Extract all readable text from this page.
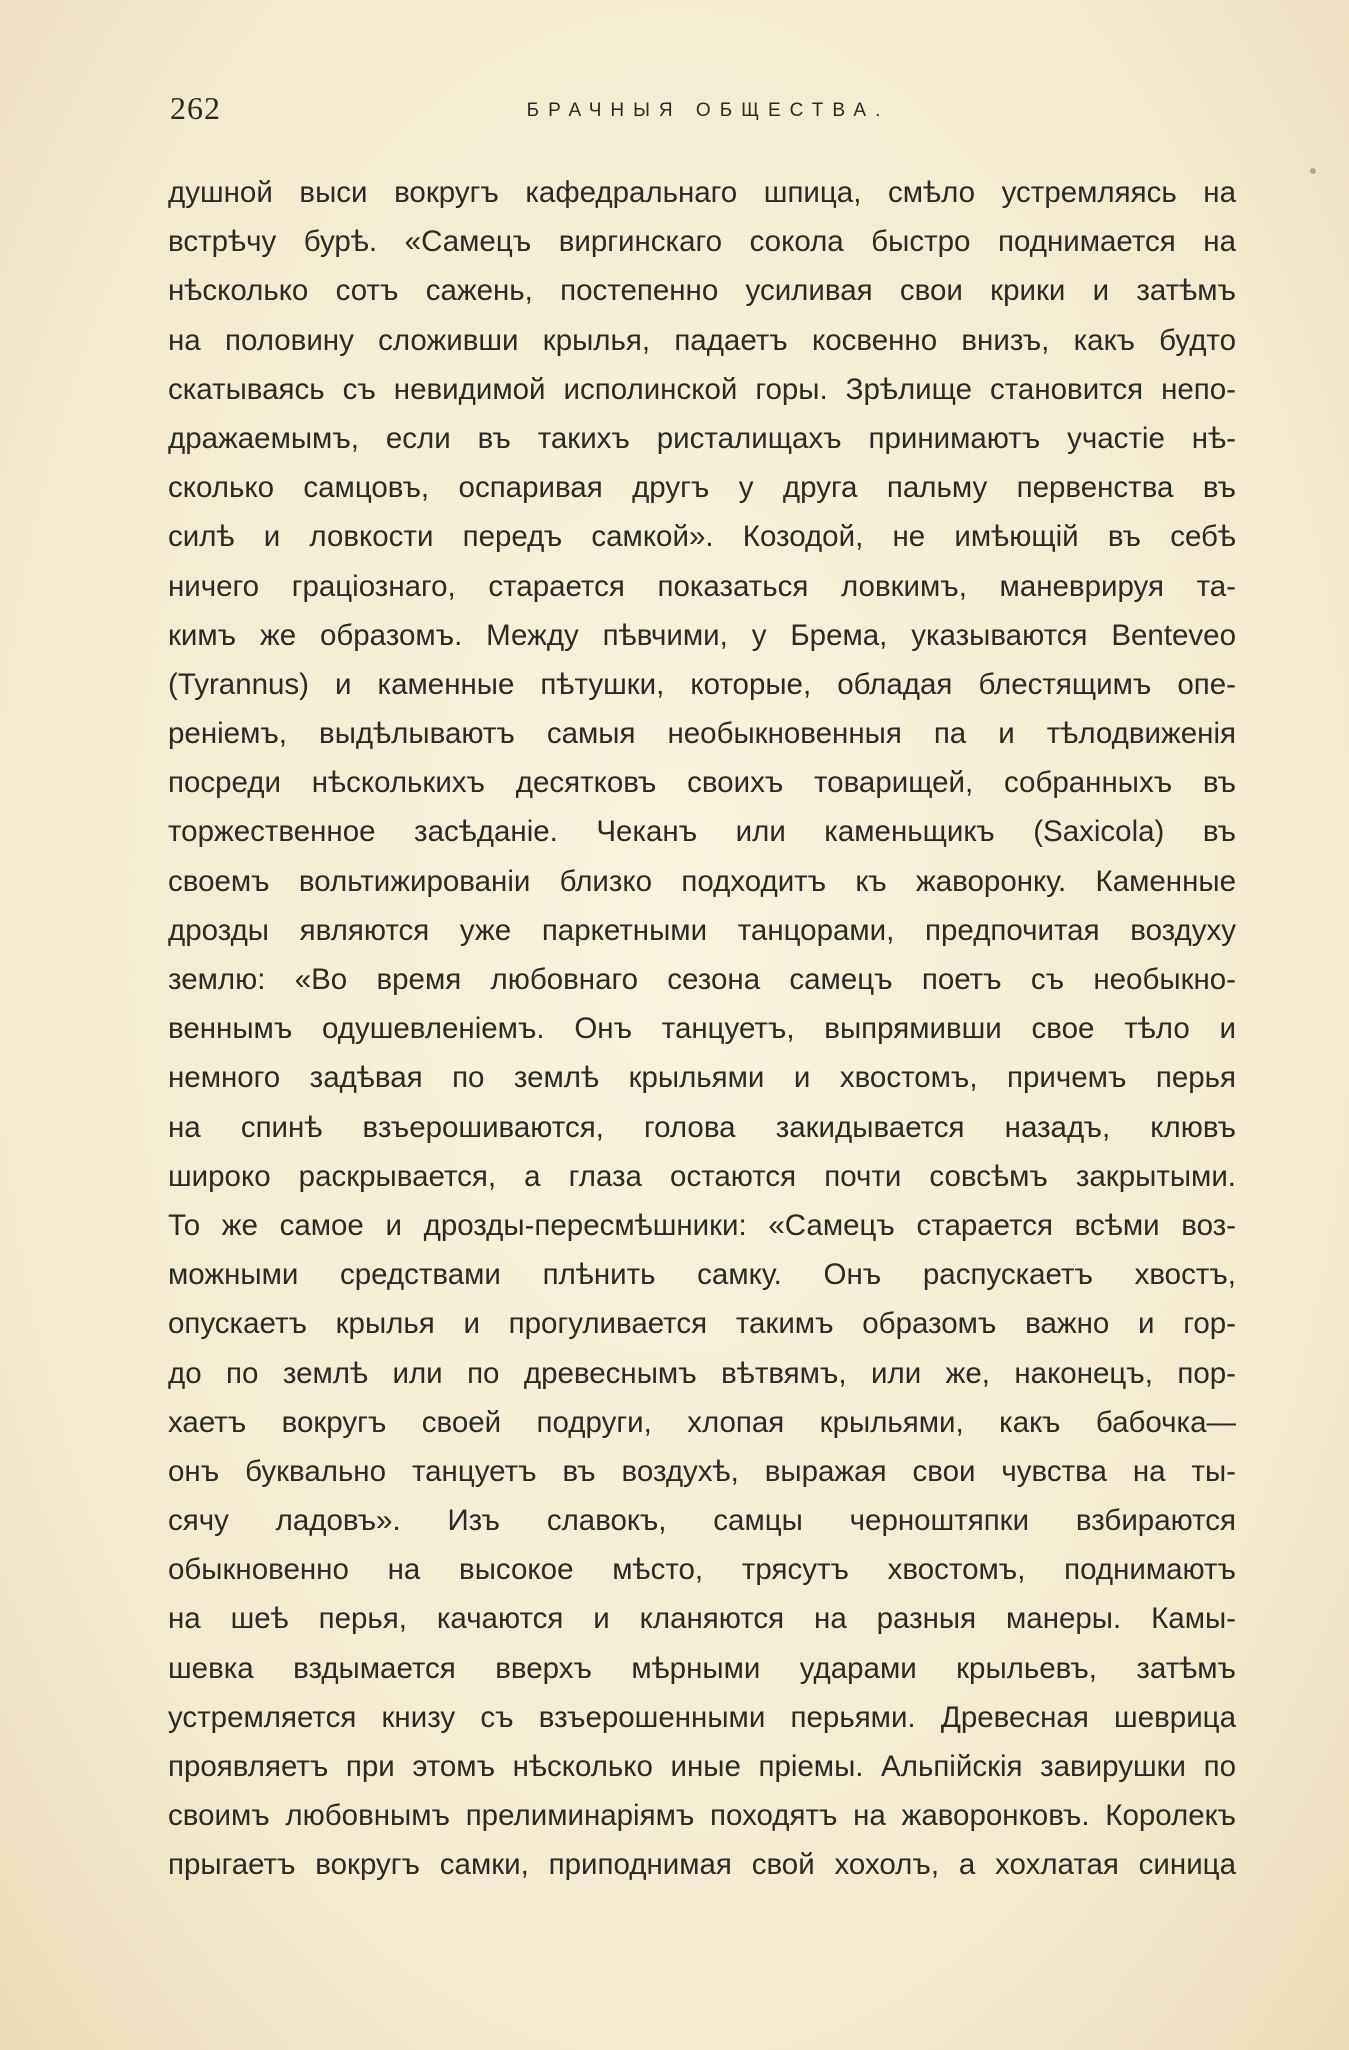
262	БРАЧНЫЯ ОБЩЕСТВА.
душной выси вокругъ кафедральнаго шпица, смѣло устремляясь на
встрѣчу бурѣ. «Самецъ виргинскаго сокола быстро поднимается на
нѣсколько сотъ сажень, постепенно усиливая свои крики и затѣмъ
на половину сложивши крылья, падаетъ косвенно внизъ, какъ будто
скатываясь съ невидимой исполинской горы. Зрѣлище становится непо-
дражаемымъ, если въ такихъ ристалищахъ принимаютъ участіе нѣ-
сколько самцовъ, оспаривая другъ у друга пальму первенства въ
силѣ и ловкости передъ самкой». Козодой, не имѣющій въ себѣ
ничего граціознаго, старается показаться ловкимъ, маневрируя та-
кимъ же образомъ. Между пѣвчими, у Брема, указываются Benteveo
(Tyrannus) и каменные пѣтушки, которые, обладая блестящимъ опе-
реніемъ, выдѣлываютъ самыя необыкновенныя па и тѣлодвиженія
посреди нѣсколькихъ десятковъ своихъ товарищей, собранныхъ въ
торжественное засѣданіе. Чеканъ или каменьщикъ (Saxicola) въ
своемъ вольтижированіи близко подходитъ къ жаворонку. Каменные
дрозды являются уже паркетными танцорами, предпочитая воздуху
землю: «Во время любовнаго сезона самецъ поетъ съ необыкно-
веннымъ одушевленіемъ. Онъ танцуетъ, выпрямивши свое тѣло и
немного задѣвая по землѣ крыльями и хвостомъ, причемъ перья
на спинѣ взъерошиваются, голова закидывается назадъ, клювъ
широко раскрывается, а глаза остаются почти совсѣмъ закрытыми.
То же самое и дрозды-пересмѣшники: «Самецъ старается всѣми воз-
можными средствами плѣнить самку. Онъ распускаетъ хвостъ,
опускаетъ крылья и прогуливается такимъ образомъ важно и гор-
до по землѣ или по древеснымъ вѣтвямъ, или же, наконецъ, пор-
хаетъ вокругъ своей подруги, хлопая крыльями, какъ бабочка—
онъ буквально танцуетъ въ воздухѣ, выражая свои чувства на ты-
сячу ладовъ». Изъ славокъ, самцы черноштяпки взбираются
обыкновенно на высокое мѣсто, трясутъ хвостомъ, поднимаютъ
на шеѣ перья, качаются и кланяются на разныя манеры. Камы-
шевка вздымается вверхъ мѣрными ударами крыльевъ, затѣмъ
устремляется книзу съ взъерошенными перьями. Древесная шеврица
проявляетъ при этомъ нѣсколько иные пріемы. Альпійскія завирушки по
своимъ любовнымъ прелиминаріямъ походятъ на жаворонковъ. Королекъ
прыгаетъ вокругъ самки, приподнимая свой хохолъ, а хохлатая синица
